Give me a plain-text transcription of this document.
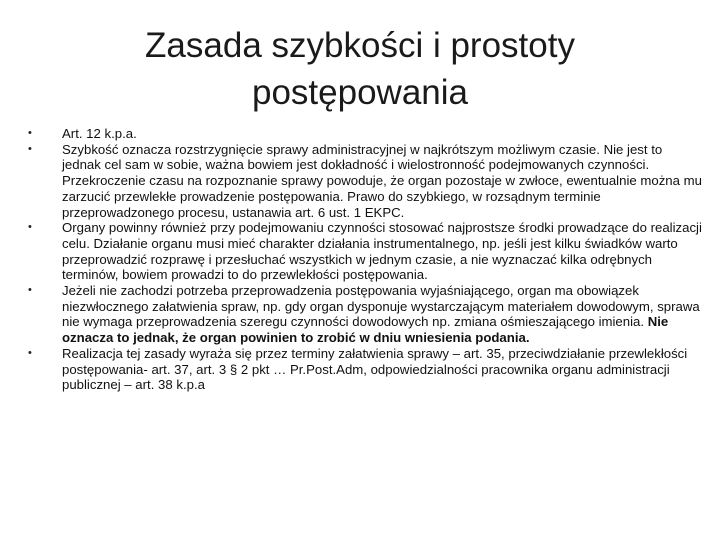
Zasada szybkości i prostoty
postępowania
•	Art. 12 k.p.a.
•	Szybkość oznacza rozstrzygnięcie sprawy administracyjnej w najkrótszym możliwym czasie. Nie jest to jednak cel sam w sobie, ważna bowiem jest dokładność i wielostronność podejmowanych czynności. Przekroczenie czasu na rozpoznanie sprawy powoduje, że organ pozostaje w zwłoce, ewentualnie można mu zarzucić przewlekłe prowadzenie postępowania. Prawo do szybkiego, w rozsądnym terminie przeprowadzonego procesu, ustanawia art. 6 ust. 1 EKPC.
•	Organy powinny również przy podejmowaniu czynności stosować najprostsze środki prowadzące do realizacji celu. Działanie organu musi mieć charakter działania instrumentalnego, np. jeśli jest kilku świadków warto przeprowadzić rozprawę i przesłuchać wszystkich w jednym czasie, a nie wyznaczać kilka odrębnych terminów, bowiem prowadzi to do przewlekłości postępowania.
•	Jeżeli nie zachodzi potrzeba przeprowadzenia postępowania wyjaśniającego, organ ma obowiązek niezwłocznego załatwienia spraw, np. gdy organ dysponuje wystarczającym materiałem dowodowym, sprawa nie wymaga przeprowadzenia szeregu czynności dowodowych np. zmiana ośmieszającego imienia. Nie oznacza to jednak, że organ powinien to zrobić w dniu wniesienia podania.
•	Realizacja tej zasady wyraża się przez terminy załatwienia sprawy – art. 35, przeciwdziałanie przewlekłości postępowania- art. 37, art. 3 § 2 pkt … Pr.Post.Adm, odpowiedzialności pracownika organu administracji publicznej – art. 38 k.p.a
